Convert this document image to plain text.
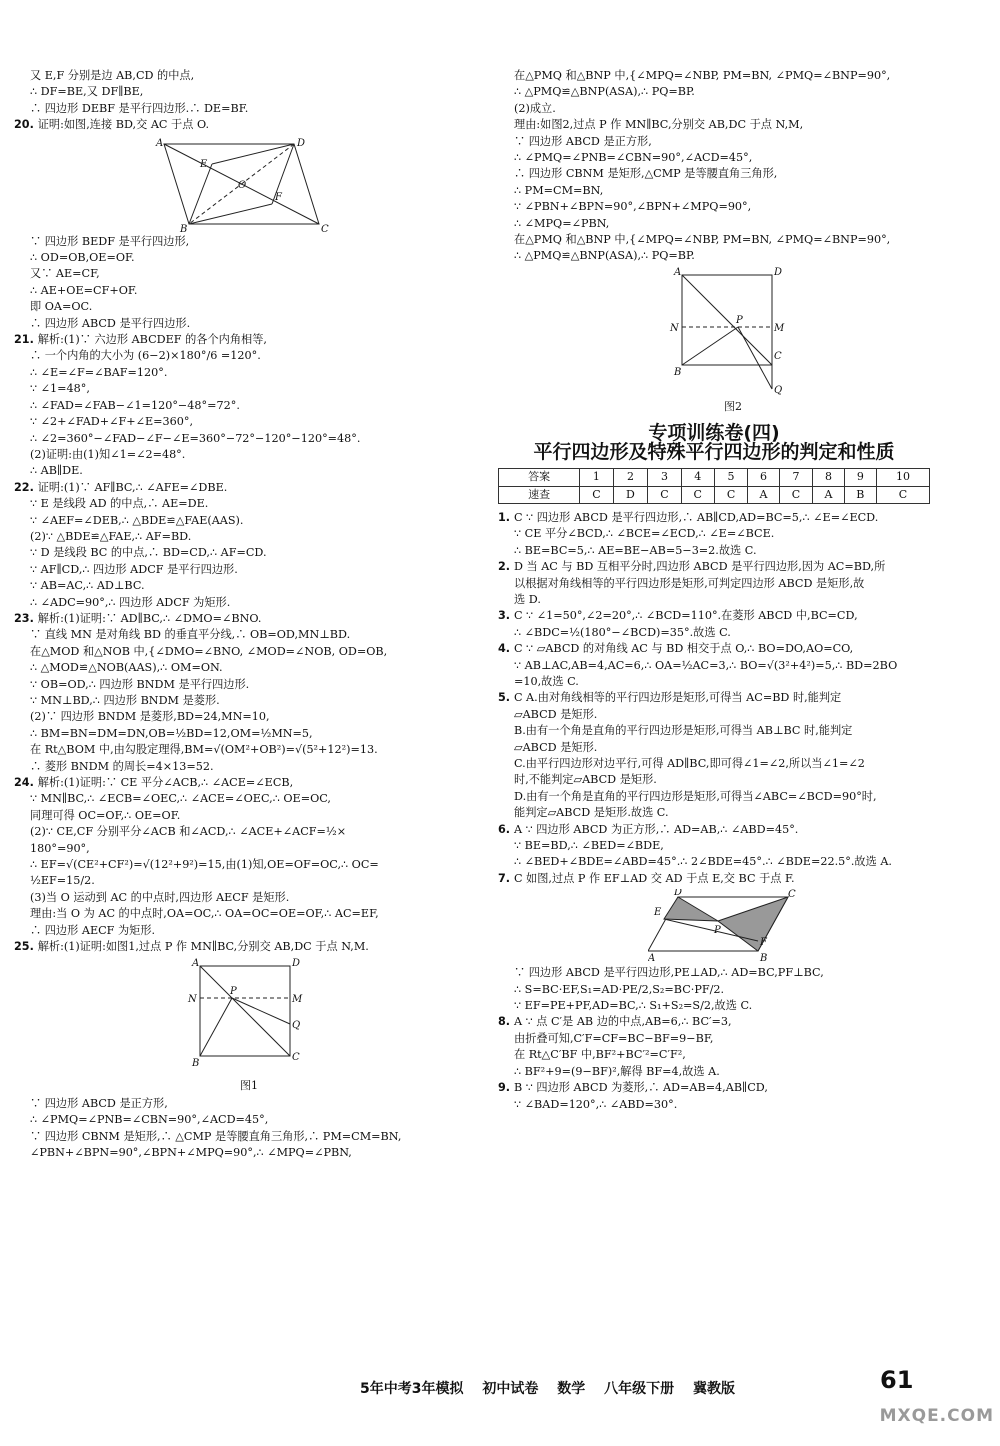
又 E,F 分别是边 AB,CD 的中点,
∴ DF=BE,又 DF∥BE,
∴ 四边形 DEBF 是平行四边形.∴ DE=BF.
20. 证明:如图,连接 BD,交 AC 于点 O.
A	D
B	C
E
O
F
∵ 四边形 BEDF 是平行四边形,
∴ OD=OB,OE=OF.
又∵ AE=CF,
∴ AE+OE=CF+OF.
即 OA=OC.
∴ 四边形 ABCD 是平行四边形.
21. 解析:(1)∵ 六边形 ABCDEF 的各个内角相等,
∴ 一个内角的大小为 (6−2)×180°/6 =120°.
∴ ∠E=∠F=∠BAF=120°.
∵ ∠1=48°,
∴ ∠FAD=∠FAB−∠1=120°−48°=72°.
∵ ∠2+∠FAD+∠F+∠E=360°,
∴ ∠2=360°−∠FAD−∠F−∠E=360°−72°−120°−120°=48°.
(2)证明:由(1)知∠1=∠2=48°.
∴ AB∥DE.
22. 证明:(1)∵ AF∥BC,∴ ∠AFE=∠DBE.
∵ E 是线段 AD 的中点,∴ AE=DE.
∵ ∠AEF=∠DEB,∴ △BDE≌△FAE(AAS).
(2)∵ △BDE≌△FAE,∴ AF=BD.
∵ D 是线段 BC 的中点,∴ BD=CD,∴ AF=CD.
∵ AF∥CD,∴ 四边形 ADCF 是平行四边形.
∵ AB=AC,∴ AD⊥BC.
∴ ∠ADC=90°,∴ 四边形 ADCF 为矩形.
23. 解析:(1)证明:∵ AD∥BC,∴ ∠DMO=∠BNO.
∵ 直线 MN 是对角线 BD 的垂直平分线,∴ OB=OD,MN⊥BD.
在△MOD 和△NOB 中,{∠DMO=∠BNO, ∠MOD=∠NOB, OD=OB,
∴ △MOD≌△NOB(AAS),∴ OM=ON.
∵ OB=OD,∴ 四边形 BNDM 是平行四边形.
∵ MN⊥BD,∴ 四边形 BNDM 是菱形.
(2)∵ 四边形 BNDM 是菱形,BD=24,MN=10,
∴ BM=BN=DM=DN,OB=½BD=12,OM=½MN=5,
在 Rt△BOM 中,由勾股定理得,BM=√(OM²+OB²)=√(5²+12²)=13.
∴ 菱形 BNDM 的周长=4×13=52.
24. 解析:(1)证明:∵ CE 平分∠ACB,∴ ∠ACE=∠ECB,
∵ MN∥BC,∴ ∠ECB=∠OEC,∴ ∠ACE=∠OEC,∴ OE=OC,
同理可得 OC=OF,∴ OE=OF.
(2)∵ CE,CF 分别平分∠ACB 和∠ACD,∴ ∠ACE+∠ACF=½×
180°=90°,
∴ EF=√(CE²+CF²)=√(12²+9²)=15,由(1)知,OE=OF=OC,∴ OC=
½EF=15/2.
(3)当 O 运动到 AC 的中点时,四边形 AECF 是矩形.
理由:当 O 为 AC 的中点时,OA=OC,∴ OA=OC=OE=OF,∴ AC=EF,
∴ 四边形 AECF 为矩形.
25. 解析:(1)证明:如图1,过点 P 作 MN∥BC,分别交 AB,DC 于点 N,M.
A	D
B
C
N	M
P
Q
图1
∵ 四边形 ABCD 是正方形,
∴ ∠PMQ=∠PNB=∠CBN=90°,∠ACD=45°,
∵ 四边形 CBNM 是矩形,∴ △CMP 是等腰直角三角形,∴ PM=CM=BN,
∠PBN+∠BPN=90°,∠BPN+∠MPQ=90°,∴ ∠MPQ=∠PBN,
在△PMQ 和△BNP 中,{∠MPQ=∠NBP, PM=BN, ∠PMQ=∠BNP=90°,
∴ △PMQ≌△BNP(ASA),∴ PQ=BP.
(2)成立.
理由:如图2,过点 P 作 MN∥BC,分别交 AB,DC 于点 N,M,
∵ 四边形 ABCD 是正方形,
∴ ∠PMQ=∠PNB=∠CBN=90°,∠ACD=45°,
∴ 四边形 CBNM 是矩形,△CMP 是等腰直角三角形,
∴ PM=CM=BN,
∵ ∠PBN+∠BPN=90°,∠BPN+∠MPQ=90°,
∴ ∠MPQ=∠PBN,
在△PMQ 和△BNP 中,{∠MPQ=∠NBP, PM=BN, ∠PMQ=∠BNP=90°,
∴ △PMQ≌△BNP(ASA),∴ PQ=BP.
A	D
B
C
N	M
P
Q
图2
专项训练卷(四)
平行四边形及特殊平行四边形的判定和性质
答案	1	2	3	4	5	6	7	8	9	10
速查	C	D	C	C	C	A	C	A	B	C
1. C ∵ 四边形 ABCD 是平行四边形,∴ AB∥CD,AD=BC=5,∴ ∠E=∠ECD.
∵ CE 平分∠BCD,∴ ∠BCE=∠ECD,∴ ∠E=∠BCE.
∴ BE=BC=5,∴ AE=BE−AB=5−3=2.故选 C.
2. D 当 AC 与 BD 互相平分时,四边形 ABCD 是平行四边形,因为 AC=BD,所
以根据对角线相等的平行四边形是矩形,可判定四边形 ABCD 是矩形,故
选 D.
3. C ∵ ∠1=50°,∠2=20°,∴ ∠BCD=110°.在菱形 ABCD 中,BC=CD,
∴ ∠BDC=½(180°−∠BCD)=35°.故选 C.
4. C ∵ ▱ABCD 的对角线 AC 与 BD 相交于点 O,∴ BO=DO,AO=CO,
∵ AB⊥AC,AB=4,AC=6,∴ OA=½AC=3,∴ BO=√(3²+4²)=5,∴ BD=2BO
=10,故选 C.
5. C A.由对角线相等的平行四边形是矩形,可得当 AC=BD 时,能判定
▱ABCD 是矩形.
B.由有一个角是直角的平行四边形是矩形,可得当 AB⊥BC 时,能判定
▱ABCD 是矩形.
C.由平行四边形对边平行,可得 AD∥BC,即可得∠1=∠2,所以当∠1=∠2
时,不能判定▱ABCD 是矩形.
D.由有一个角是直角的平行四边形是矩形,可得当∠ABC=∠BCD=90°时,
能判定▱ABCD 是矩形.故选 C.
6. A ∵ 四边形 ABCD 为正方形,∴ AD=AB,∴ ∠ABD=45°.
∵ BE=BD,∴ ∠BED=∠BDE,
∴ ∠BED+∠BDE=∠ABD=45°.∴ 2∠BDE=45°.∴ ∠BDE=22.5°.故选 A.
7. C 如图,过点 P 作 EF⊥AD 交 AD 于点 E,交 BC 于点 F.
D	C
E
P
F
B
A
∵ 四边形 ABCD 是平行四边形,PE⊥AD,∴ AD=BC,PF⊥BC,
∴ S=BC·EF,S₁=AD·PE/2,S₂=BC·PF/2.
∵ EF=PE+PF,AD=BC,∴ S₁+S₂=S/2,故选 C.
8. A ∵ 点 C′是 AB 边的中点,AB=6,∴ BC′=3,
由折叠可知,C′F=CF=BC−BF=9−BF,
在 Rt△C′BF 中,BF²+BC′²=C′F²,
∴ BF²+9=(9−BF)²,解得 BF=4,故选 A.
9. B ∵ 四边形 ABCD 为菱形,∴ AD=AB=4,AB∥CD,
∵ ∠BAD=120°,∴ ∠ABD=30°.
5年中考3年模拟 初中试卷 数学 八年级下册 冀教版	61
MXQE.COM
